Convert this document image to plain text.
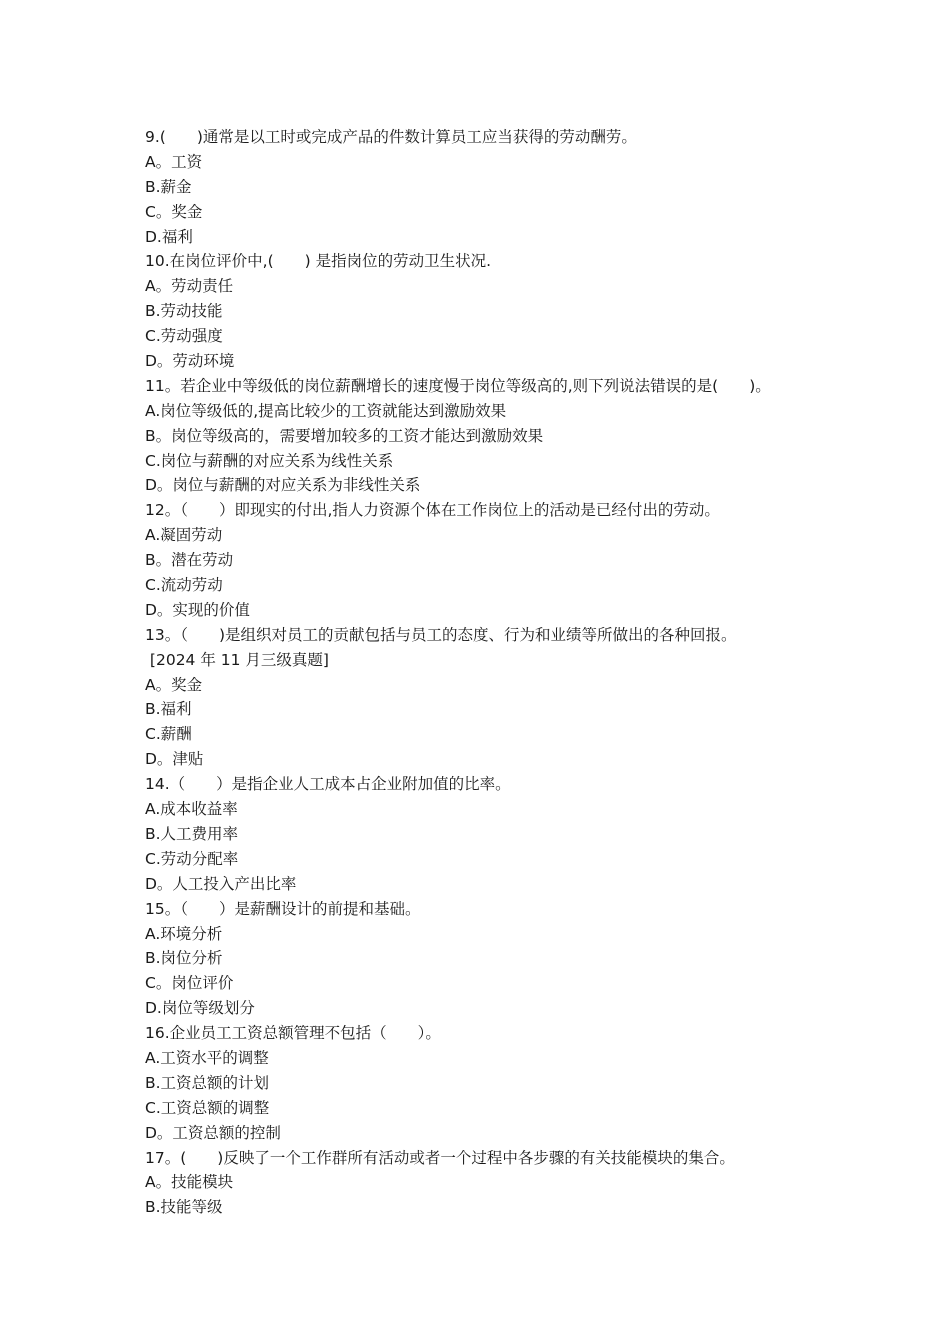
9.(　　)通常是以工时或完成产品的件数计算员工应当获得的劳动酬劳。
A。工资
B.薪金
C。奖金
D.福利
10.在岗位评价中,(　　) 是指岗位的劳动卫生状况.
A。劳动责任
B.劳动技能
C.劳动强度
D。劳动环境
11。若企业中等级低的岗位薪酬增长的速度慢于岗位等级高的,则下列说法错误的是(　　)。
A.岗位等级低的,提高比较少的工资就能达到激励效果
B。岗位等级高的，需要增加较多的工资才能达到激励效果
C.岗位与薪酬的对应关系为线性关系
D。岗位与薪酬的对应关系为非线性关系
12。（　　）即现实的付出,指人力资源个体在工作岗位上的活动是已经付出的劳动。
A.凝固劳动
B。潜在劳动
C.流动劳动
D。实现的价值
13。（　　)是组织对员工的贡献包括与员工的态度、行为和业绩等所做出的各种回报。
[2024 年 11 月三级真题]
A。奖金
B.福利
C.薪酬
D。津贴
14.（　　）是指企业人工成本占企业附加值的比率。
A.成本收益率
B.人工费用率
C.劳动分配率
D。人工投入产出比率
15。（　　）是薪酬设计的前提和基础。
A.环境分析
B.岗位分析
C。岗位评价
D.岗位等级划分
16.企业员工工资总额管理不包括（　　）。
A.工资水平的调整
B.工资总额的计划
C.工资总额的调整
D。工资总额的控制
17。(　　)反映了一个工作群所有活动或者一个过程中各步骤的有关技能模块的集合。
A。技能模块
B.技能等级
